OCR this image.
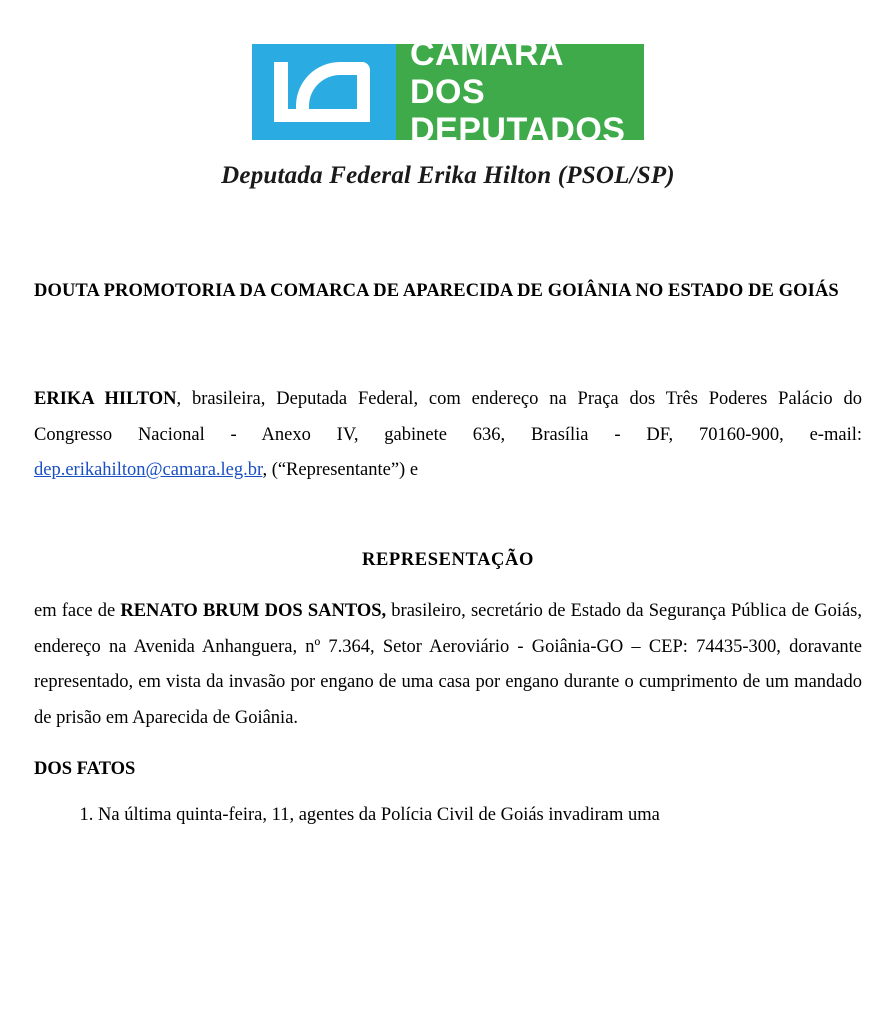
CÂMARA DOS
DEPUTADOS
Deputada Federal Erika Hilton (PSOL/SP)
DOUTA PROMOTORIA DA COMARCA DE APARECIDA DE GOIÂNIA NO ESTADO DE GOIÁS

ERIKA HILTON, brasileira, Deputada Federal, com endereço na Praça dos Três Poderes Palácio do Congresso Nacional - Anexo IV, gabinete 636, Brasília - DF, 70160-900, e-mail: dep.erikahilton@camara.leg.br, (“Representante”) e

REPRESENTAÇÃO

em face de RENATO BRUM DOS SANTOS, brasileiro, secretário de Estado da Segurança Pública de Goiás, endereço na Avenida Anhanguera, nº 7.364, Setor Aeroviário - Goiânia-GO – CEP: 74435-300, doravante representado, em vista da invasão por engano de uma casa por engano durante o cumprimento de um mandado de prisão em Aparecida de Goiânia.

DOS FATOS

1. Na última quinta-feira, 11, agentes da Polícia Civil de Goiás invadiram uma
